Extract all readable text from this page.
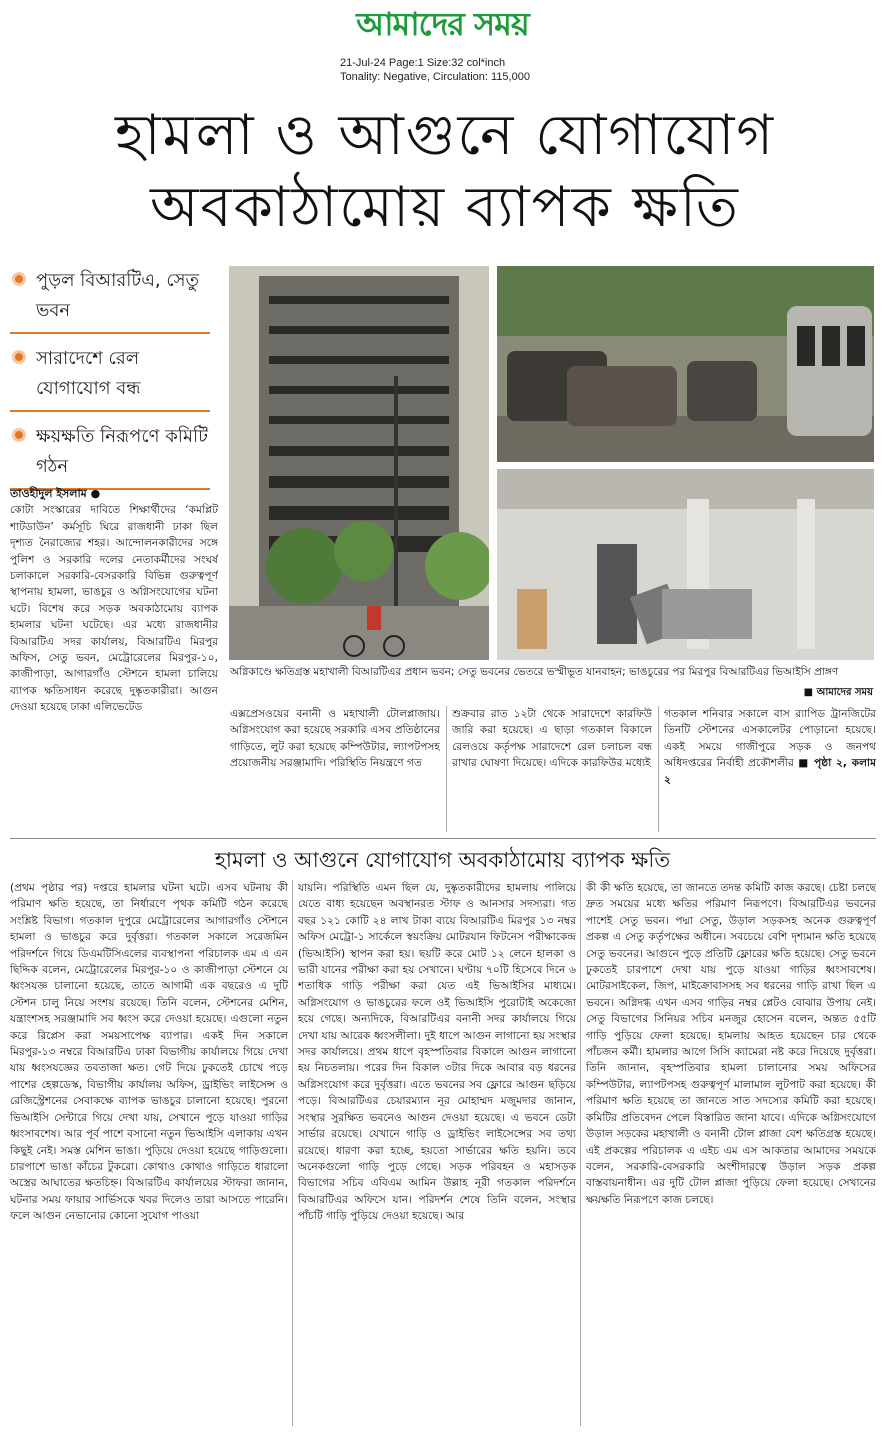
আমাদের সময়
21-Jul-24 Page:1 Size:32 col*inch
Tonality: Negative, Circulation: 115,000
হামলা ও আগুনে যোগাযোগ
অবকাঠামোয় ব্যাপক ক্ষতি
পুড়ল বিআরটিএ, সেতু ভবন
সারাদেশে রেল যোগাযোগ বন্ধ
ক্ষয়ক্ষতি নিরূপণে কমিটি গঠন
অগ্নিকাণ্ডে ক্ষতিগ্রস্ত মহাখালী বিআরটিএর প্রধান ভবন; সেতু ভবনের ভেতরে ভস্মীভূত যানবাহন; ভাঙচুরের পর মিরপুর বিআরটিএর ভিআইসি প্রাঙ্গণ
■ আমাদের সময়
তাওহীদুল ইসলাম ●
কোটা সংস্কারের দাবিতে শিক্ষার্থীদের ‘কমপ্লিট শাটডাউন’ কর্মসূচি ঘিরে রাজধানী ঢাকা ছিল দৃশ্যত নৈরাজ্যের শহর। আন্দোলনকারীদের সঙ্গে পুলিশ ও সরকারি দলের নেতাকর্মীদের সংঘর্ষ চলাকালে সরকারি-বেসরকারি বিভিন্ন গুরুত্বপূর্ণ স্থাপনায় হামলা, ভাঙচুর ও অগ্নিসংযোগের ঘটনা ঘটে। বিশেষ করে সড়ক অবকাঠামোয় ব্যাপক হামলার ঘটনা ঘটেছে। এর মধ্যে রাজধানীর বিআরটিএ সদর কার্যালয়, বিআরটিএ মিরপুর অফিস, সেতু ভবন, মেট্রোরেলের মিরপুর-১০, কাজীপাড়া, আগারগাঁও স্টেশনে হামলা চালিয়ে ব্যাপক ক্ষতিসাধন করেছে দুষ্কৃতকারীরা। আগুন দেওয়া হয়েছে ঢাকা এলিভেটেড
এক্সপ্রেসওয়ের বনানী ও মহাখালী টোলপ্লাজায়। অগ্নিসংযোগ করা হয়েছে সরকারি এসব প্রতিষ্ঠানের গাড়িতে, লুট করা হয়েছে কম্পিউটার, ল্যাপটপসহ প্রয়োজনীয় সরঞ্জামাদি। পরিস্থিতি নিয়ন্ত্রণে গত
শুক্রবার রাত ১২টা থেকে সারাদেশে কারফিউ জারি করা হয়েছে। এ ছাড়া গতকাল বিকালে রেলওয়ে কর্তৃপক্ষ সারাদেশে রেল চলাচল বন্ধ রাখার ঘোষণা দিয়েছে। এদিকে কারফিউর মধ্যেই
গতকাল শনিবার সকালে বাস র‌্যাপিড ট্রানজিটের তিনটি স্টেশনের এসকালেটর পোড়ানো হয়েছে। একই সময়ে গাজীপুরে সড়ক ও জনপথ অধিদপ্তরের নির্বাহী প্রকৌশলীর ■ পৃষ্ঠা ২, কলাম ২
হামলা ও আগুনে যোগাযোগ অবকাঠামোয় ব্যাপক ক্ষতি
(প্রথম পৃষ্ঠার পর) দপ্তরে হামলার ঘটনা ঘটে। এসব ঘটনায় কী পরিমাণ ক্ষতি হয়েছে, তা নির্ধারণে পৃথক কমিটি গঠন করেছে সংশ্লিষ্ট বিভাগ। গতকাল দুপুরে মেট্রোরেলের আগারগাঁও স্টেশনে হামলা ও ভাঙচুর করে দুর্বৃত্তরা। গতকাল সকালে সরেজমিন পরিদর্শনে গিয়ে ডিএমটিসিএলের ব্যবস্থাপনা পরিচালক এম এ এন ছিদ্দিক বলেন, মেট্রোরেলের মিরপুর-১০ ও কাজীপাড়া স্টেশনে যে ধ্বংসযজ্ঞ চালানো হয়েছে, তাতে আগামী এক বছরেও এ দুটি স্টেশন চালু নিয়ে সংশয় রয়েছে। তিনি বলেন, স্টেশনের মেশিন, যন্ত্রাংশসহ সরঞ্জামাদি সব ধ্বংস করে দেওয়া হয়েছে। এগুলো নতুন করে রিপ্লেস করা সময়সাপেক্ষ ব্যাপার। একই দিন সকালে মিরপুর-১৩ নম্বরে বিআরটিএ ঢাকা বিভাগীয় কার্যালয়ে গিয়ে দেখা যায় ধ্বংসযজ্ঞের তবতাজা ক্ষত। গেট দিয়ে ঢুকতেই চোখে পড়ে পাশের হেল্পডেস্ক, বিভাগীয় কার্যালয় অফিস, ড্রাইভিং লাইসেন্স ও রেজিস্ট্রেশনের সেবাকক্ষে ব্যাপক ভাঙচুর চালানো হয়েছে। পুরনো ভিআইসি সেন্টারে গিয়ে দেখা যায়, সেখানে পুড়ে যাওয়া গাড়ির ধ্বংসাবশেষ। আর পূর্ব পাশে বসানো নতুন ভিআইসি এলাকায় এখন কিছুই নেই। সমস্ত মেশিন ভাঙা। পুড়িয়ে দেওয়া হয়েছে গাড়িগুলো। চারপাশে ভাঙা কাঁচের টুকরো। কোথাও কোথাও গাড়িতে ধারালো অস্ত্রের আঘাতের ক্ষতচিহ্ন। বিআরটিএ কার্যালয়ের স্টাফরা জানান, ঘটনার সময় ফায়ার সার্ভিসকে খবর দিলেও তারা আসতে পারেনি। ফলে আগুন নেভানোর কোনো সুযোগ পাওয়া
যায়নি। পরিস্থিতি এমন ছিল যে, দুষ্কৃতকারীদের হামলায় পালিয়ে যেতে বাধ্য হয়েছেন অবস্থানরত স্টাফ ও আনসার সদস্যরা। গত বছর ১২১ কোটি ২৪ লাখ টাকা ব্যয়ে বিআরটিএ মিরপুর ১৩ নম্বর অফিস মেট্রো-১ সার্কেলে স্বয়ংক্রিয় মোটরযান ফিটনেস পরীক্ষাকেন্দ্র (ভিআইসি) স্থাপন করা হয়। ছয়টি করে মোট ১২ লেনে হালকা ও ভারী যানের পরীক্ষা করা হয় সেখানে। ঘণ্টায় ৭০টি হিসেবে দিনে ৬ শতাধিক গাড়ি পরীক্ষা করা যেত এই ভিআইসির মাধ্যমে। অগ্নিসংযোগ ও ভাঙচুরের ফলে ওই ভিআইসি পুরোটাই অকেজো হয়ে গেছে। অন্যদিকে, বিআরটিএর বনানী সদর কার্যালয়ে গিয়ে দেখা যায় আরেক ধ্বংসলীলা। দুই ধাপে আগুন লাগানো হয় সংস্থার সদর কার্যালয়ে। প্রথম ধাপে বৃহস্পতিবার বিকালে আগুন লাগানো হয় নিচতলায়। পরের দিন বিকাল ৩টার দিকে আবার বড় ধরনের অগ্নিসংযোগ করে দুর্বৃত্তরা। এতে ভবনের সব ফ্লোরে আগুন ছড়িয়ে পড়ে। বিআরটিএর চেয়ারম্যান নূর মোহাম্মদ মজুমদার জানান, সংস্থার সুরক্ষিত ভবনেও আগুন দেওয়া হয়েছে। এ ভবনে ডেটা সার্ভার রয়েছে। যেখানে গাড়ি ও ড্রাইভিং লাইসেন্সের সব তথ্য রয়েছে। ধারণা করা হচ্ছে, হয়তো সার্ভারের ক্ষতি হয়নি। তবে অনেকগুলো গাড়ি পুড়ে গেছে। সড়ক পরিবহন ও মহাসড়ক বিভাগের সচিব এবিএম আমিন উল্লাহ নূরী গতকাল পরিদর্শনে বিআরটিএর অফিসে যান। পরিদর্শন শেষে তিনি বলেন, সংস্থার পাঁচটি গাড়ি পুড়িয়ে দেওয়া হয়েছে। আর
কী কী ক্ষতি হয়েছে, তা জানতে তদন্ত কমিটি কাজ করছে। চেষ্টা চলছে দ্রুত সময়ের মধ্যে ক্ষতির পরিমাণ নিরূপণে। বিআরটিএর ভবনের পাশেই সেতু ভবন। পদ্মা সেতু, উড়াল সড়কসহ অনেক গুরুত্বপূর্ণ প্রকল্প এ সেতু কর্তৃপক্ষের অধীনে। সবচেয়ে বেশি দৃশ্যমান ক্ষতি হয়েছে সেতু ভবনের। আগুনে পুড়ে প্রতিটি ফ্লোরের ক্ষতি হয়েছে। সেতু ভবনে ঢুকতেই চারপাশে দেখা যায় পুড়ে যাওয়া গাড়ির ধ্বংসাবশেষ। মোটরসাইকেল, জিপ, মাইক্রোবাসসহ সব ধরনের গাড়ি রাখা ছিল এ ভবনে। অগ্নিদগ্ধ এখন এসব গাড়ির নম্বর প্লেটও বোঝার উপায় নেই। সেতু বিভাগের সিনিয়র সচিব মনজুর হোসেন বলেন, অন্তত ৫৫টি গাড়ি পুড়িয়ে ফেলা হয়েছে। হামলায় আহত হয়েছেন চার থেকে পাঁচজন কর্মী। হামলার আগে সিসি ক্যামেরা নষ্ট করে দিয়েছে দুর্বৃত্তরা। তিনি জানান, বৃহস্পতিবার হামলা চালানোর সময় অফিসের কম্পিউটার, ল্যাপটপসহ গুরুত্বপূর্ণ মালামাল লুটপাট করা হয়েছে। কী পরিমাণ ক্ষতি হয়েছে তা জানতে সাত সদস্যের কমিটি করা হয়েছে। কমিটির প্রতিবেদন পেলে বিস্তারিত জানা যাবে। এদিকে অগ্নিসংযোগে উড়াল সড়কের মহাখালী ও বনানী টোল প্লাজা বেশ ক্ষতিগ্রস্ত হয়েছে। এই প্রকল্পের পরিচালক এ এইচ এম এস আকতার আমাদের সময়কে বলেন, সরকারি-বেসরকারি অংশীদারত্বে উড়াল সড়ক প্রকল্প বাস্তবায়নাধীন। এর দুটি টোল প্লাজা পুড়িয়ে ফেলা হয়েছে। সেখানের ক্ষয়ক্ষতি নিরূপণে কাজ চলছে।
